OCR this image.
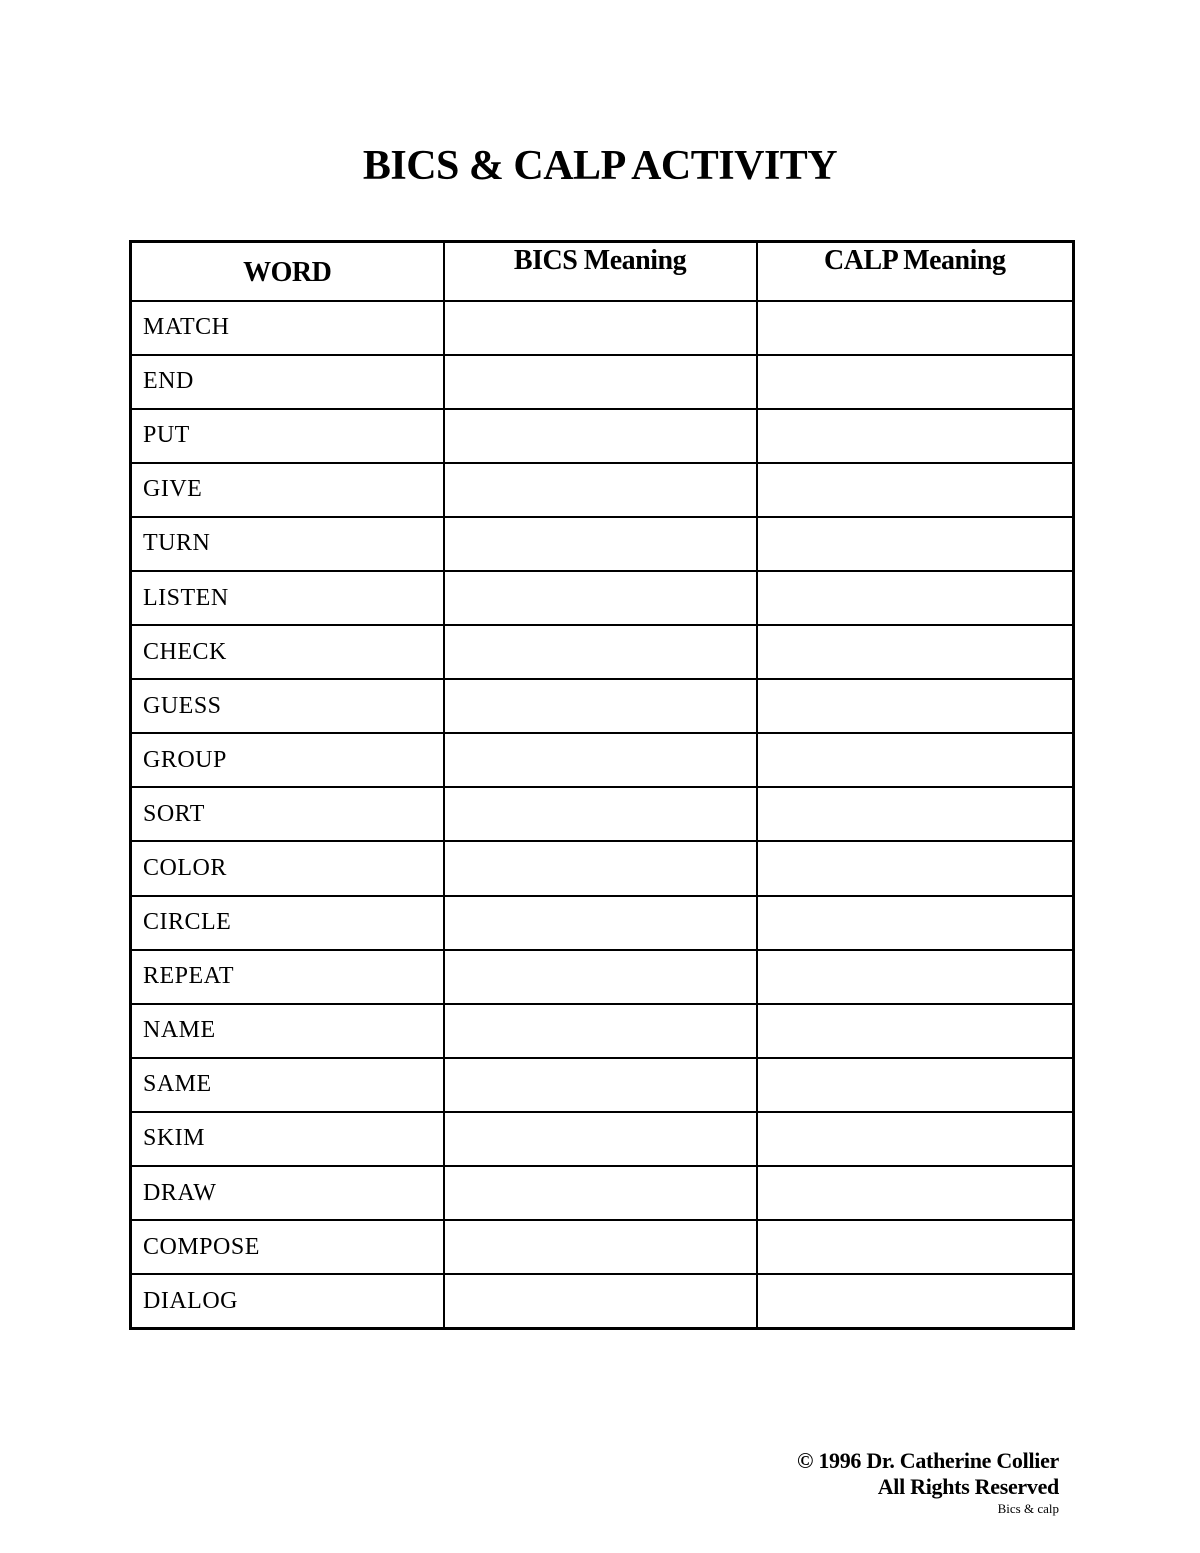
BICS & CALP ACTIVITY
WORD	BICS Meaning	CALP Meaning
MATCH		
END		
PUT		
GIVE		
TURN		
LISTEN		
CHECK		
GUESS		
GROUP		
SORT		
COLOR		
CIRCLE		
REPEAT		
NAME		
SAME		
SKIM		
DRAW		
COMPOSE		
DIALOG		
© 1996 Dr. Catherine Collier
All Rights Reserved
Bics & calp
